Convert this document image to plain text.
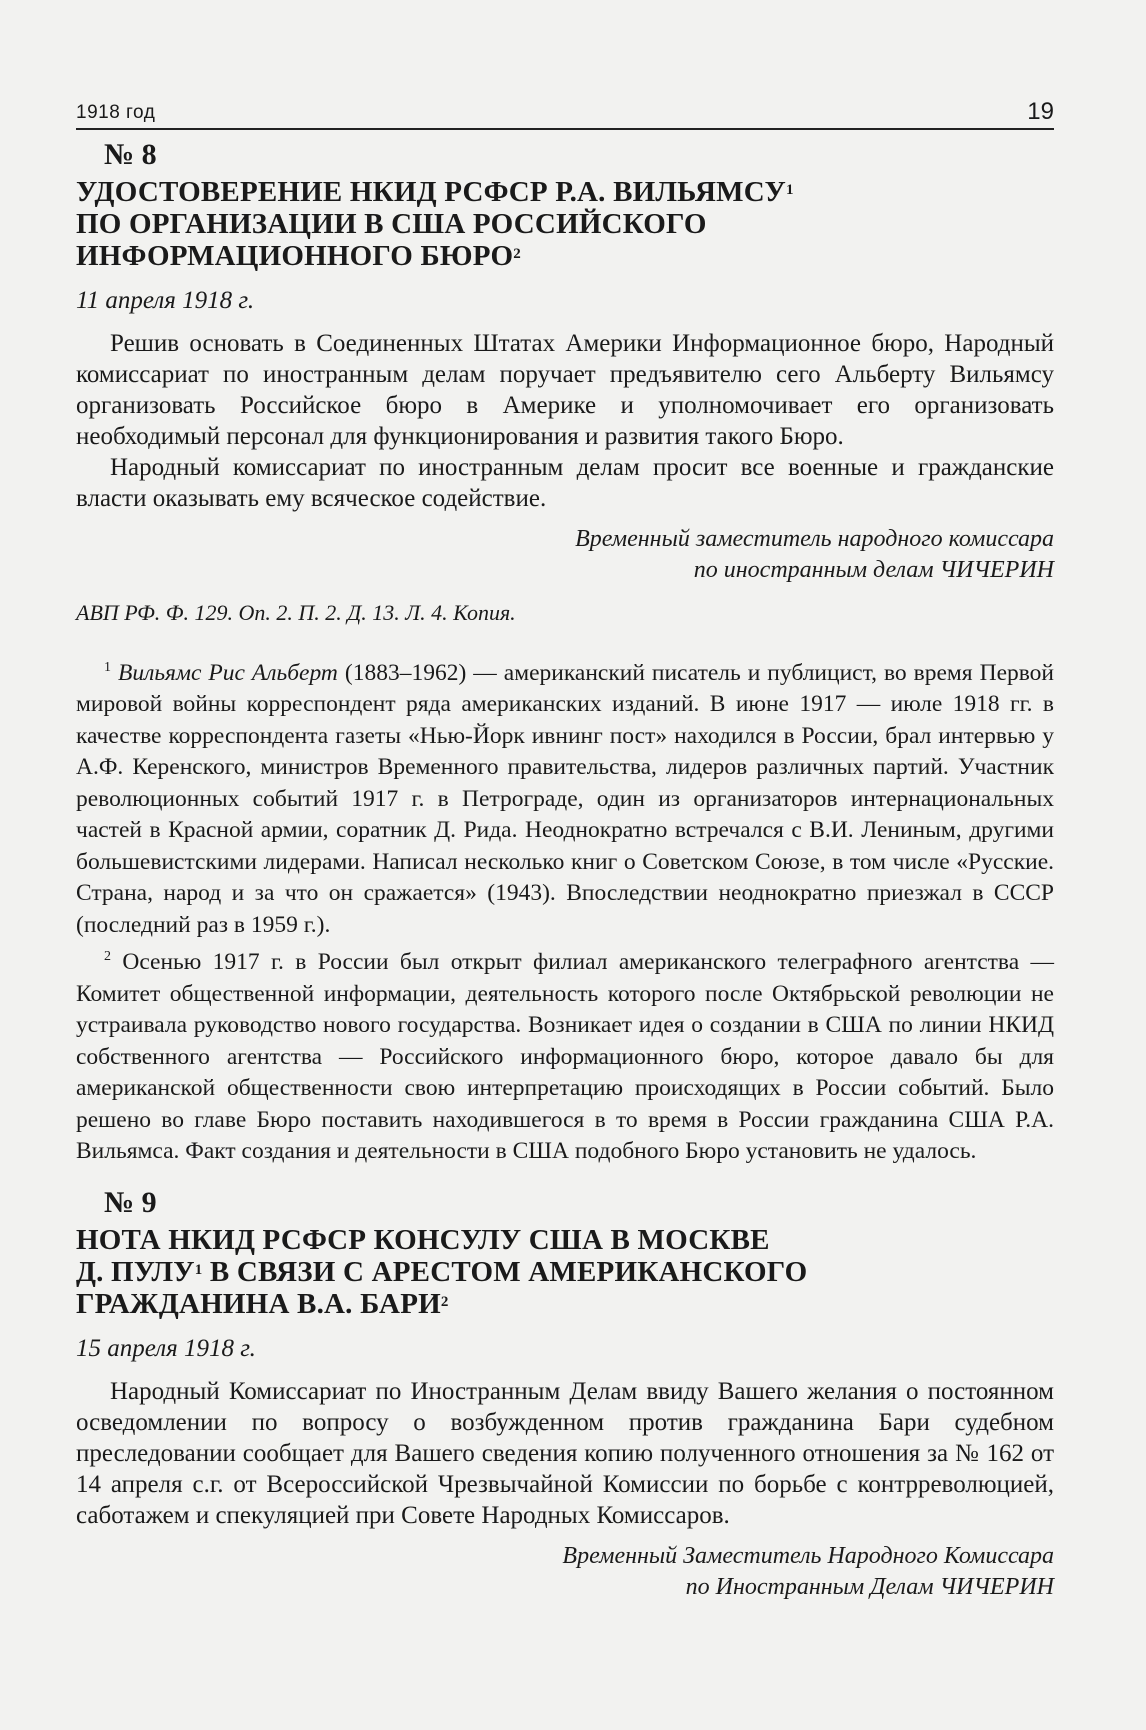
1918 год	19
№ 8
УДОСТОВЕРЕНИЕ НКИД РСФСР Р.А. ВИЛЬЯМСУ$^1$
ПО ОРГАНИЗАЦИИ В США РОССИЙСКОГО
ИНФОРМАЦИОННОГО БЮРО$^2$
11 апреля 1918 г.

Решив основать в Соединенных Штатах Америки Информационное бюро, Народный комиссариат по иностранным делам поручает предъявителю сего Альберту Вильямсу организовать Российское бюро в Америке и уполномочивает его организовать необходимый персонал для функционирования и развития такого Бюро.

Народный комиссариат по иностранным делам просит все военные и гражданские власти оказывать ему всяческое содействие.

Временный заместитель народного комиссара
по иностранным делам ЧИЧЕРИН
АВП РФ. Ф. 129. Оп. 2. П. 2. Д. 13. Л. 4. Копия.

$^1$ Вильямс Рис Альберт (1883–1962) — американский писатель и публицист, во время Первой мировой войны корреспондент ряда американских изданий. В июне 1917 — июле 1918 гг. в качестве корреспондента газеты «Нью-Йорк ивнинг пост» находился в России, брал интервью у А.Ф. Керенского, министров Временного правительства, лидеров различных партий. Участник революционных событий 1917 г. в Петрограде, один из организаторов интернациональных частей в Красной армии, соратник Д. Рида. Неоднократно встречался с В.И. Лениным, другими большевистскими лидерами. Написал несколько книг о Советском Союзе, в том числе «Русские. Страна, народ и за что он сражается» (1943). Впоследствии неоднократно приезжал в СССР (последний раз в 1959 г.).

$^2$ Осенью 1917 г. в России был открыт филиал американского телеграфного агентства — Комитет общественной информации, деятельность которого после Октябрьской революции не устраивала руководство нового государства. Возникает идея о создании в США по линии НКИД собственного агентства — Российского информационного бюро, которое давало бы для американской общественности свою интерпретацию происходящих в России событий. Было решено во главе Бюро поставить находившегося в то время в России гражданина США Р.А. Вильямса. Факт создания и деятельности в США подобного Бюро установить не удалось.

№ 9
НОТА НКИД РСФСР КОНСУЛУ США В МОСКВЕ
Д. ПУЛУ$^1$ В СВЯЗИ С АРЕСТОМ АМЕРИКАНСКОГО
ГРАЖДАНИНА В.А. БАРИ$^2$
15 апреля 1918 г.

Народный Комиссариат по Иностранным Делам ввиду Вашего желания о постоянном осведомлении по вопросу о возбужденном против гражданина Бари судебном преследовании сообщает для Вашего сведения копию полученного отношения за № 162 от 14 апреля с.г. от Всероссийской Чрезвычайной Комиссии по борьбе с контрреволюцией, саботажем и спекуляцией при Совете Народных Комиссаров.

Временный Заместитель Народного Комиссара
по Иностранным Делам ЧИЧЕРИН
